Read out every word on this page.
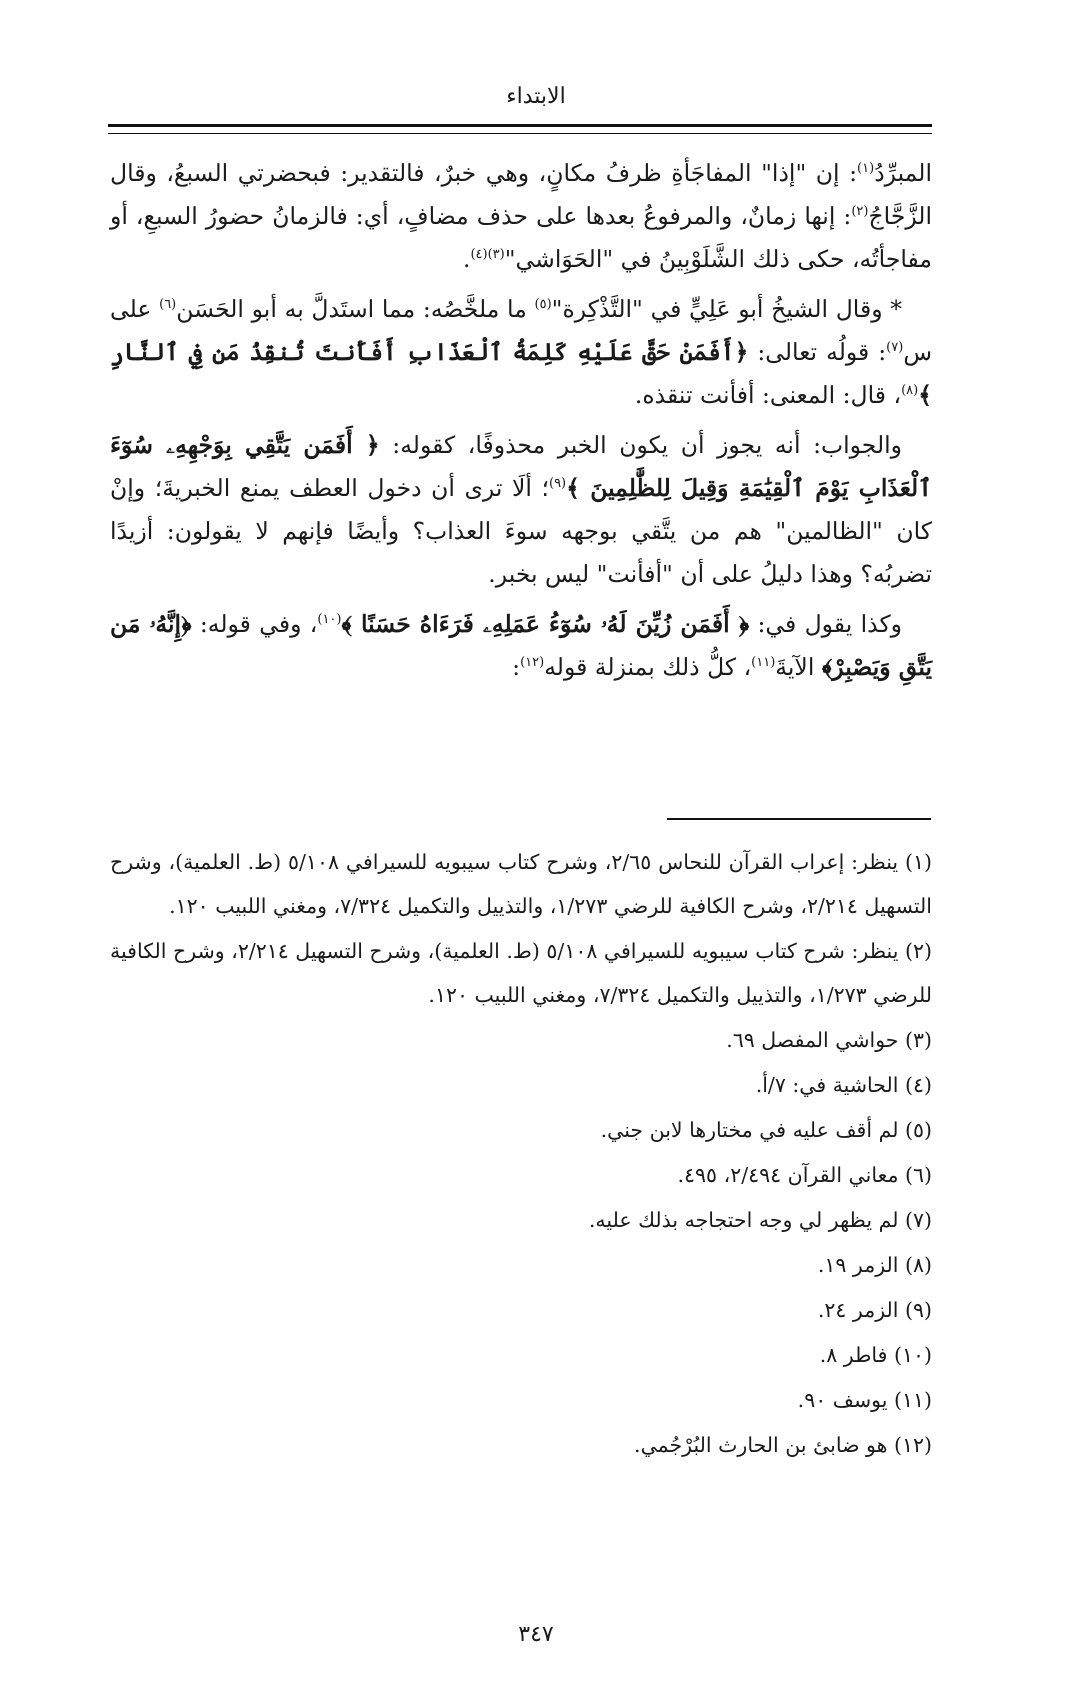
الابتداء

المبرِّدُ$^{(١)}$: إن "إذا" المفاجَأةِ ظرفُ مكانٍ، وهي خبرٌ، فالتقدير: فبحضرتي السبعُ، وقال الزَّجَّاجُ$^{(٢)}$: إنها زمانٌ، والمرفوعُ بعدها على حذف مضافٍ، أي: فالزمانُ حضورُ السبعِ، أو مفاجأتُه، حكى ذلك الشَّلَوْبِينُ في "الحَوَاشي"$^{(٣)(٤)}$.

* وقال الشيخُ أبو عَلِيٍّ في "التَّذْكِرة"$^{(٥)}$ ما ملخَّصُه: مما استَدلَّ به أبو الحَسَن$^{(٦)}$ على س$^{(٧)}$: قولُه تعالى: ﴿أَفَمَنْ حَقَّ عَلَيْهِ كَلِمَةُ ٱلْعَذَابِ أَفَأَنتَ تُنقِذُ مَن فِي ٱلنَّارِ ﴾$^{(٨)}$، قال: المعنى: أفأنت تنقذه.

والجواب: أنه يجوز أن يكون الخبر محذوفًا، كقوله: ﴿ أَفَمَن يَتَّقِي بِوَجْهِهِۦ سُوٓءَ ٱلْعَذَابِ يَوْمَ ٱلْقِيَٰمَةِ وَقِيلَ لِلظَّٰلِمِينَ ﴾$^{(٩)}$؛ ألَا ترى أن دخول العطف يمنع الخبريةَ؛ وإنْ كان "الظالمين" هم من يتَّقي بوجهه سوءَ العذاب؟ وأيضًا فإنهم لا يقولون: أزيدًا تضربُه؟ وهذا دليلُ على أن "أفأنت" ليس بخبر.

وكذا يقول في: ﴿ أَفَمَن زُيِّنَ لَهُۥ سُوٓءُ عَمَلِهِۦ فَرَءَاهُ حَسَنًا ﴾$^{(١٠)}$، وفي قوله: ﴿إِنَّهُۥ مَن يَتَّقِ وَيَصْبِرْ﴾ الآيةَ$^{(١١)}$، كلُّ ذلك بمنزلة قوله$^{(١٢)}$:

(١) ينظر: إعراب القرآن للنحاس ٢/٦٥، وشرح كتاب سيبويه للسيرافي ٥/١٠٨ (ط. العلمية)، وشرح التسهيل ٢/٢١٤، وشرح الكافية للرضي ١/٢٧٣، والتذييل والتكميل ٧/٣٢٤، ومغني اللبيب ١٢٠.

(٢) ينظر: شرح كتاب سيبويه للسيرافي ٥/١٠٨ (ط. العلمية)، وشرح التسهيل ٢/٢١٤، وشرح الكافية للرضي ١/٢٧٣، والتذييل والتكميل ٧/٣٢٤، ومغني اللبيب ١٢٠.

(٣) حواشي المفصل ٦٩.

(٤) الحاشية في: ٧/أ.

(٥) لم أقف عليه في مختارها لابن جني.

(٦) معاني القرآن ٢/٤٩٤، ٤٩٥.

(٧) لم يظهر لي وجه احتجاجه بذلك عليه.

(٨) الزمر ١٩.

(٩) الزمر ٢٤.

(١٠) فاطر ٨.

(١١) يوسف ٩٠.

(١٢) هو ضابئ بن الحارث البُرْجُمي.

٣٤٧
